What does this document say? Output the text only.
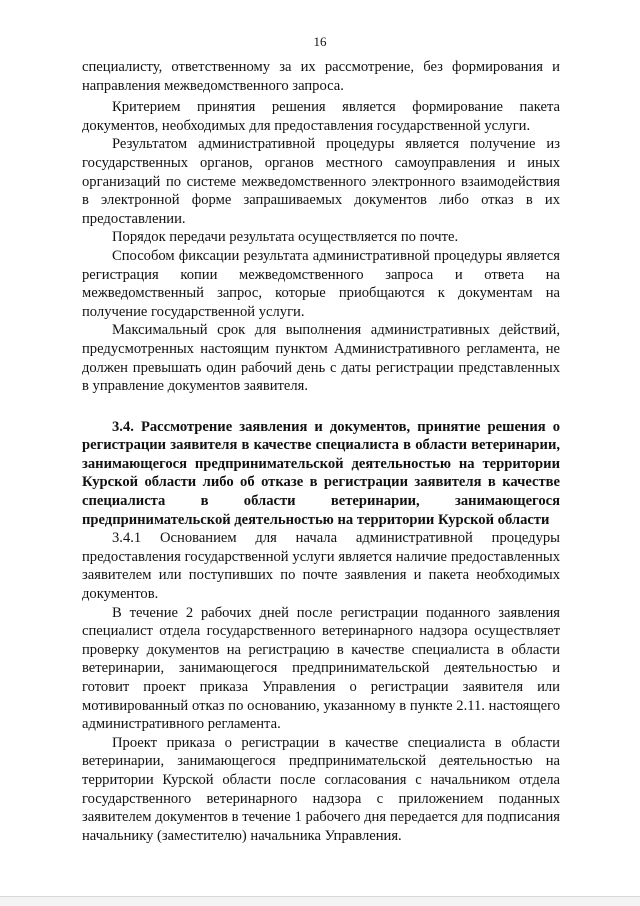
16

специалисту, ответственному за их рассмотрение, без формирования и направления межведомственного запроса.

Критерием принятия решения является формирование пакета документов, необходимых для предоставления государственной услуги.

Результатом административной процедуры является получение из государственных органов, органов местного самоуправления и иных организаций по системе межведомственного электронного взаимодействия в электронной форме запрашиваемых документов либо отказ в их предоставлении.

Порядок передачи результата осуществляется по почте.

Способом фиксации результата административной процедуры является регистрация копии межведомственного запроса и ответа на межведомственный запрос, которые приобщаются к документам на получение государственной услуги.

Максимальный срок для выполнения административных действий, предусмотренных настоящим пунктом Административного регламента, не должен превышать один рабочий день с даты регистрации представленных в управление документов заявителя.

3.4. Рассмотрение заявления и документов, принятие решения о регистрации заявителя в качестве специалиста в области ветеринарии, занимающегося предпринимательской деятельностью на территории Курской области либо об отказе в регистрации заявителя в качестве специалиста в области ветеринарии, занимающегося предпринимательской деятельностью на территории Курской области

3.4.1 Основанием для начала административной процедуры предоставления государственной услуги является наличие предоставленных заявителем или поступивших по почте заявления и пакета необходимых документов.

В течение 2 рабочих дней после регистрации поданного заявления специалист отдела государственного ветеринарного надзора осуществляет проверку документов на регистрацию в качестве специалиста в области ветеринарии, занимающегося предпринимательской деятельностью и готовит проект приказа Управления о регистрации заявителя или мотивированный отказ по основанию, указанному в пункте 2.11. настоящего административного регламента.

Проект приказа о регистрации в качестве специалиста в области ветеринарии, занимающегося предпринимательской деятельностью на территории Курской области после согласования с начальником отдела государственного ветеринарного надзора с приложением поданных заявителем документов в течение 1 рабочего дня передается для подписания начальнику (заместителю) начальника Управления.
